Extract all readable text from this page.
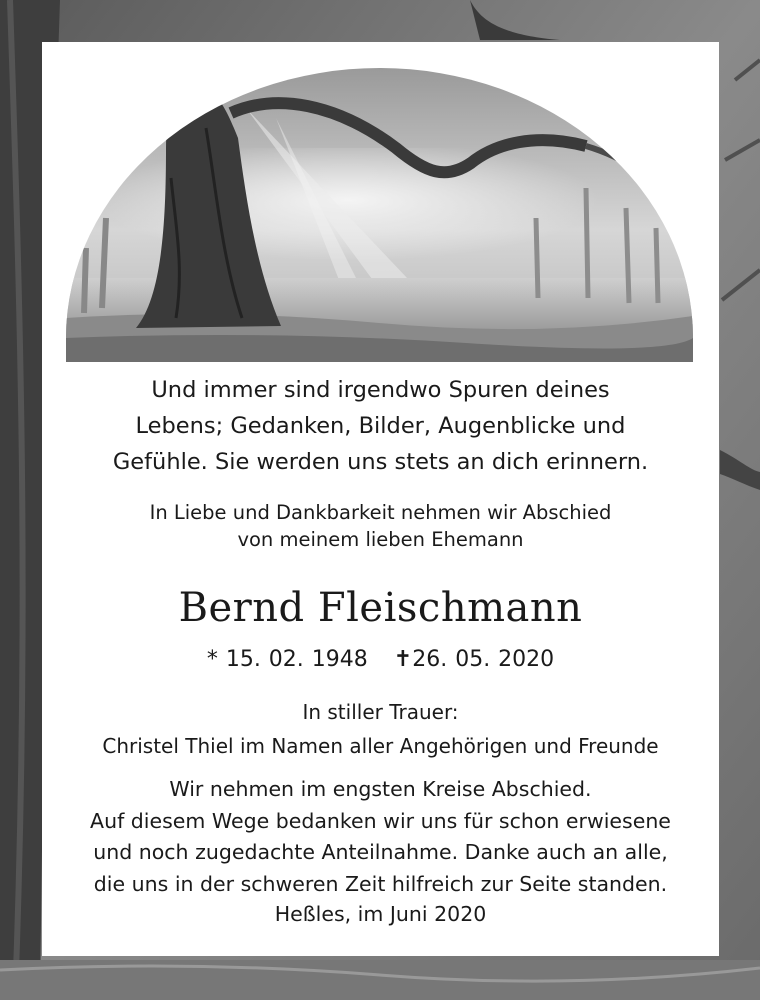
Und immer sind irgendwo Spuren deines
Lebens; Gedanken, Bilder, Augenblicke und
Gefühle. Sie werden uns stets an dich erinnern.
In Liebe und Dankbarkeit nehmen wir Abschied
von meinem lieben Ehemann
Bernd Fleischmann
* 15. 02. 1948 ✝26. 05. 2020
In stiller Trauer:
Christel Thiel im Namen aller Angehörigen und Freunde
Wir nehmen im engsten Kreise Abschied.
Auf diesem Wege bedanken wir uns für schon erwiesene
und noch zugedachte Anteilnahme. Danke auch an alle,
die uns in der schweren Zeit hilfreich zur Seite standen.
Heßles, im Juni 2020
